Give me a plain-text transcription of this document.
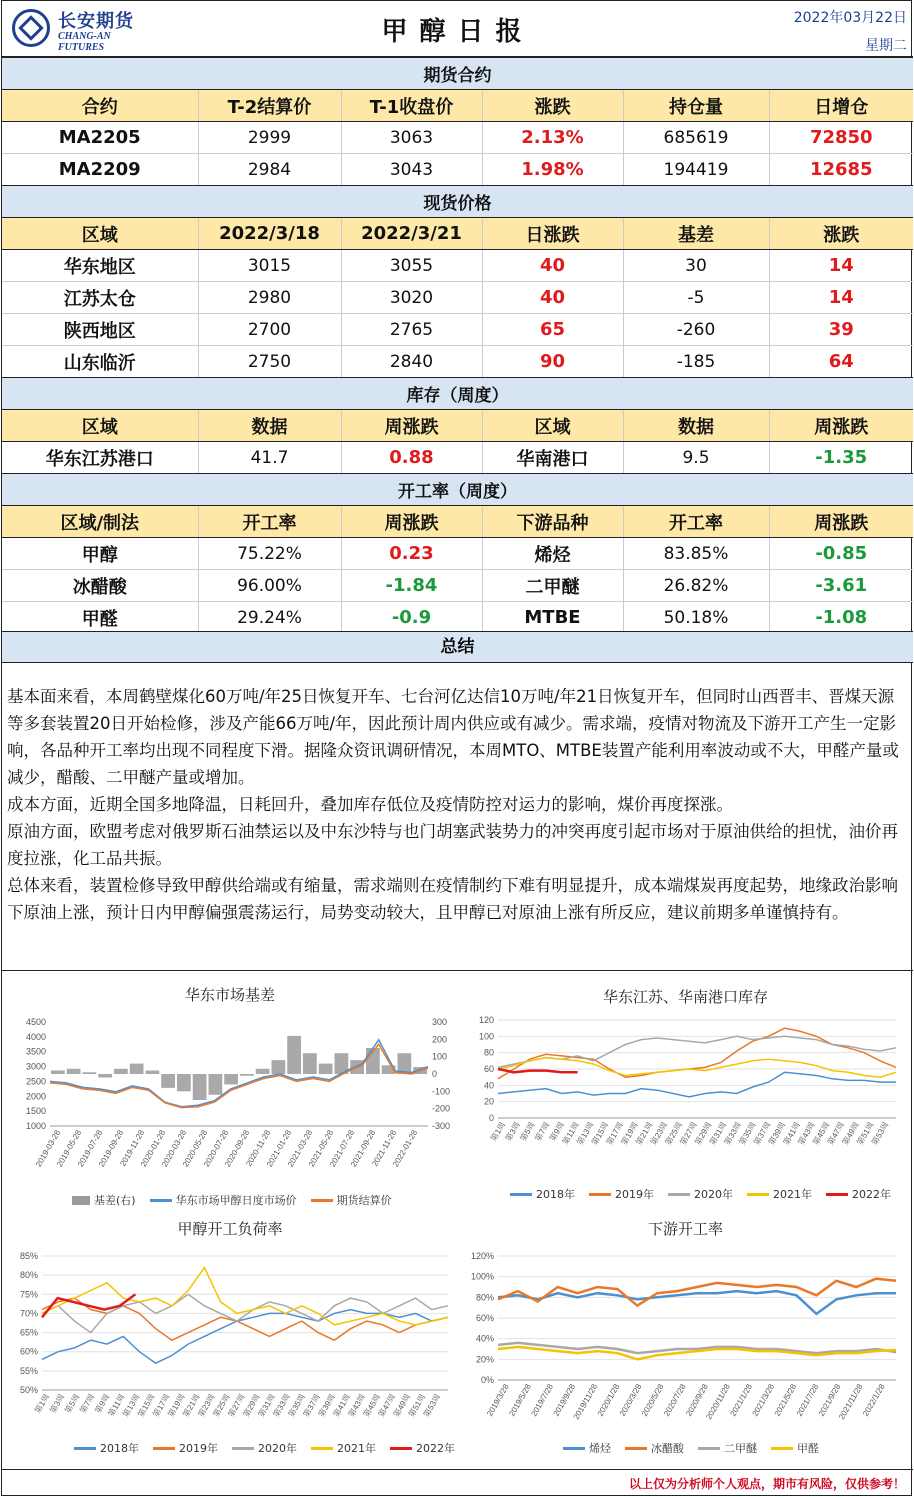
长安期货
CHANG-AN FUTURES
甲醇日报	2022年03月22日
星期二
期货合约					
合约	T-2结算价	T-1收盘价	涨跌	持仓量	日增仓
MA2205	2999	3063	2.13%	685619	72850
MA2209	2984	3043	1.98%	194419	12685
现货价格					
区域	2022/3/18	2022/3/21	日涨跌	基差	涨跌
华东地区	3015	3055	40	30	14
江苏太仓	2980	3020	40	-5	14
陕西地区	2700	2765	65	-260	39
山东临沂	2750	2840	90	-185	64
库存（周度）					
区域	数据	周涨跌	区域	数据	周涨跌
华东江苏港口	41.7	0.88	华南港口	9.5	-1.35
开工率（周度）					
区域/制法	开工率	周涨跌	下游品种	开工率	周涨跌
甲醇	75.22%	0.23	烯烃	83.85%	-0.85
冰醋酸	96.00%	-1.84	二甲醚	26.82%	-3.61
甲醛	29.24%	-0.9	MTBE	50.18%	-1.08
总结

基本面来看，本周鹤壁煤化60万吨/年25日恢复开车、七台河亿达信10万吨/年21日恢复开车，但同时山西晋丰、晋煤天源等多套装置20日开始检修，涉及产能66万吨/年，因此预计周内供应或有减少。需求端，疫情对物流及下游开工产生一定影响，各品种开工率均出现不同程度下滑。据隆众资讯调研情况，本周MTO、MTBE装置产能利用率波动或不大，甲醛产量或减少，醋酸、二甲醚产量或增加。

成本方面，近期全国多地降温，日耗回升，叠加库存低位及疫情防控对运力的影响，煤价再度探涨。

原油方面，欧盟考虑对俄罗斯石油禁运以及中东沙特与也门胡塞武装势力的冲突再度引起市场对于原油供给的担忧，油价再度拉涨，化工品共振。

总体来看，装置检修导致甲醇供给端或有缩量，需求端则在疫情制约下难有明显提升，成本端煤炭再度起势，地缘政治影响下原油上涨，预计日内甲醇偏强震荡运行，局势变动较大，且甲醇已对原油上涨有所反应，建议前期多单谨慎持有。

华东市场基差
4500
4000
3500
3000
2500
2000
1500
1000
300
200
100
0
-100
-200
-300
2019-03-28
2019-05-28
2019-07-28
2019-09-28
2019-11-28
2020-01-28
2020-03-28
2020-05-28
2020-07-28
2020-09-28
2020-11-28
2021-01-28
2021-03-28
2021-05-28
2021-07-28
2021-09-28
2021-11-28
2022-01-28
基差(右)	华东市场甲醇日度市场价	期货结算价
华东江苏、华南港口库存
120
100
80
60
40
20
0
第1周
第3周
第5周
第7周
第9周
第11周
第13周
第15周
第17周
第19周
第21周
第23周
第25周
第27周
第29周
第31周
第33周
第35周
第37周
第39周
第41周
第43周
第45周
第47周
第49周
第51周
第53周
2018年	2019年	2020年	2021年	2022年
甲醇开工负荷率
85%
80%
75%
70%
65%
60%
55%
50%
第1周
第3周
第5周
第7周
第9周
第11周
第13周
第15周
第17周
第19周
第21周
第23周
第25周
第27周
第29周
第31周
第33周
第35周
第37周
第39周
第41周
第43周
第45周
第47周
第49周
第51周
第53周
2018年	2019年	2020年	2021年	2022年
下游开工率
120%
100%
80%
60%
40%
20%
0%
2019/3/28
2019/5/28
2019/7/28
2019/9/28
2019/11/28
2020/1/28
2020/3/28
2020/5/28
2020/7/28
2020/9/28
2020/11/28
2021/1/28
2021/3/28
2021/5/28
2021/7/28
2021/9/28
2021/11/28
2022/1/28
烯烃	冰醋酸	二甲醚	甲醛
以上仅为分析师个人观点，期市有风险，仅供参考！
